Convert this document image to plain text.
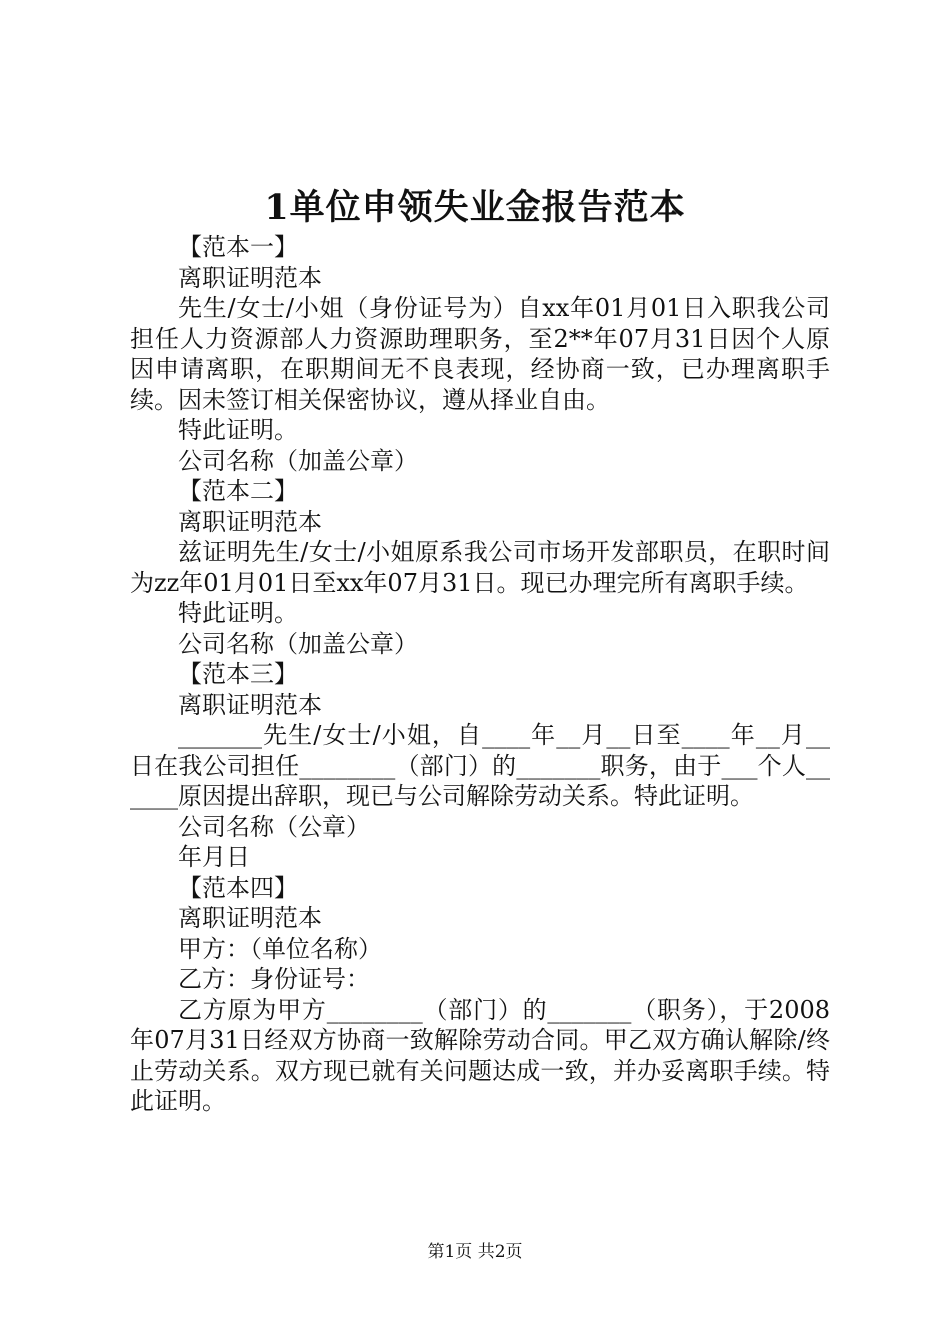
1单位申领失业金报告范本

【范本一】

离职证明范本

先生/女士/小姐（身份证号为）自xx年01月01日入职我公司担任人力资源部人力资源助理职务，至2**年07月31日因个人原因申请离职，在职期间无不良表现，经协商一致，已办理离职手续。因未签订相关保密协议，遵从择业自由。

特此证明。

公司名称（加盖公章）

【范本二】

离职证明范本

兹证明先生/女士/小姐原系我公司市场开发部职员，在职时间为zz年01月01日至xx年07月31日。现已办理完所有离职手续。

特此证明。

公司名称（加盖公章）

【范本三】

离职证明范本

_______先生/女士/小姐，自____年__月__日至____年__月__日在我公司担任________（部门）的_______职务，由于___个人______原因提出辞职，现已与公司解除劳动关系。特此证明。

公司名称（公章）

年月日

【范本四】

离职证明范本

甲方：（单位名称）

乙方：身份证号：

乙方原为甲方________（部门）的_______（职务），于2008年07月31日经双方协商一致解除劳动合同。甲乙双方确认解除/终止劳动关系。双方现已就有关问题达成一致，并办妥离职手续。特此证明。

第1页 共2页
